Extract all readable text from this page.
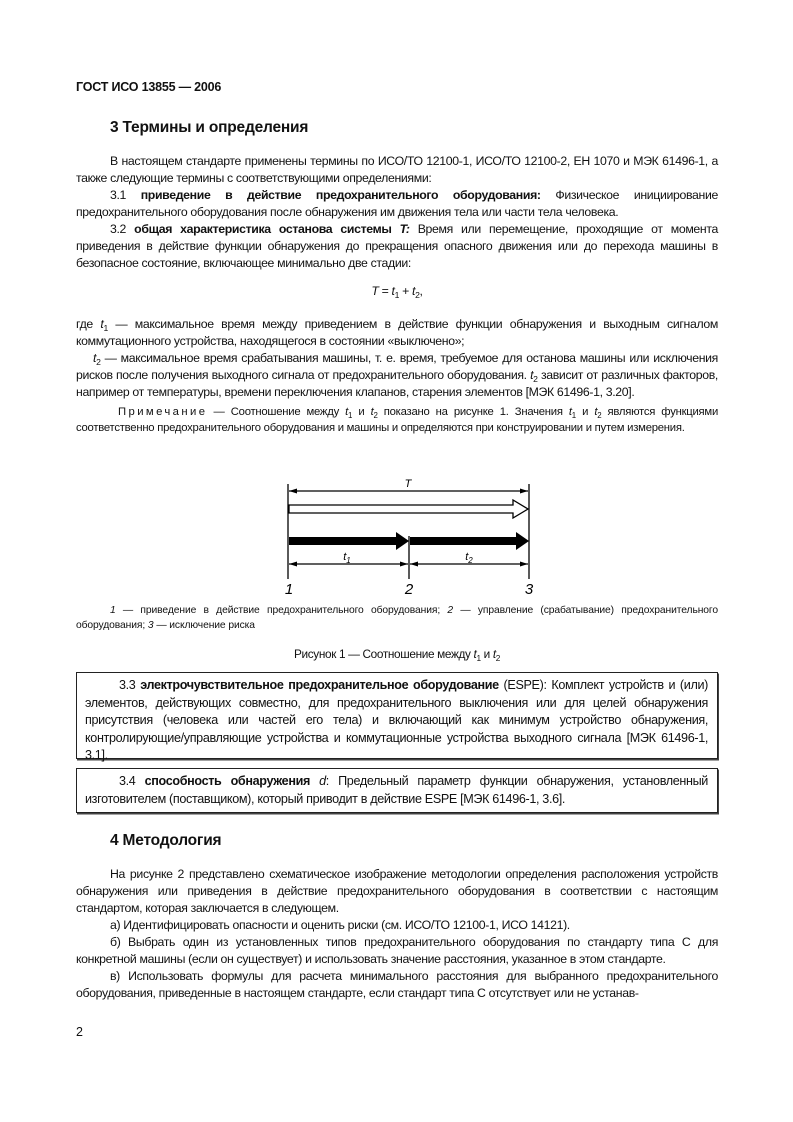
ГОСТ ИСО 13855 — 2006
3 Термины и определения
В настоящем стандарте применены термины по ИСО/ТО 12100-1, ИСО/ТО 12100-2, ЕН 1070 и МЭК 61496-1, а также следующие термины с соответствующими определениями:
3.1 приведение в действие предохранительного оборудования: Физическое инициирование предохранительного оборудования после обнаружения им движения тела или части тела человека.
3.2 общая характеристика останова системы T: Время или перемещение, проходящие от момента приведения в действие функции обнаружения до прекращения опасного движения или до перехода машины в безопасное состояние, включающее минимально две стадии:
$T = t_1 + t_2$,
где $t_1$ — максимальное время между приведением в действие функции обнаружения и выходным сигналом коммутационного устройства, находящегося в состоянии «выключено»;
$t_2$ — максимальное время срабатывания машины, т. е. время, требуемое для останова машины или исключения рисков после получения выходного сигнала от предохранительного оборудования. $t_2$ зависит от различных факторов, например от температуры, времени переключения клапанов, старения элементов [МЭК 61496-1, 3.20].
Примечание — Соотношение между $t_1$ и $t_2$ показано на рисунке 1. Значения $t_1$ и $t_2$ являются функциями соответственно предохранительного оборудования и машины и определяются при конструировании и путем измерения.
T
$t_1$	$t_2$
1	2	3
1 — приведение в действие предохранительного оборудования; 2 — управление (срабатывание) предохранительного оборудования; 3 — исключение риска
Рисунок 1 — Соотношение между $t_1$ и $t_2$
3.3 электрочувствительное предохранительное оборудование (ESPE): Комплект устройств и (или) элементов, действующих совместно, для предохранительного выключения или для целей обнаружения присутствия (человека или частей его тела) и включающий как минимум устройство обнаружения, контролирующие/управляющие устройства и коммутационные устройства выходного сигнала [МЭК 61496-1, 3.1].
3.4 способность обнаружения d: Предельный параметр функции обнаружения, установленный изготовителем (поставщиком), который приводит в действие ESPE [МЭК 61496-1, 3.6].
4 Методология
На рисунке 2 представлено схематическое изображение методологии определения расположения устройств обнаружения или приведения в действие предохранительного оборудования в соответствии с настоящим стандартом, которая заключается в следующем.
а) Идентифицировать опасности и оценить риски (см. ИСО/ТО 12100-1, ИСО 14121).
б) Выбрать один из установленных типов предохранительного оборудования по стандарту типа С для конкретной машины (если он существует) и использовать значение расстояния, указанное в этом стандарте.
в) Использовать формулы для расчета минимального расстояния для выбранного предохранительного оборудования, приведенные в настоящем стандарте, если стандарт типа С отсутствует или не устанав-
2
